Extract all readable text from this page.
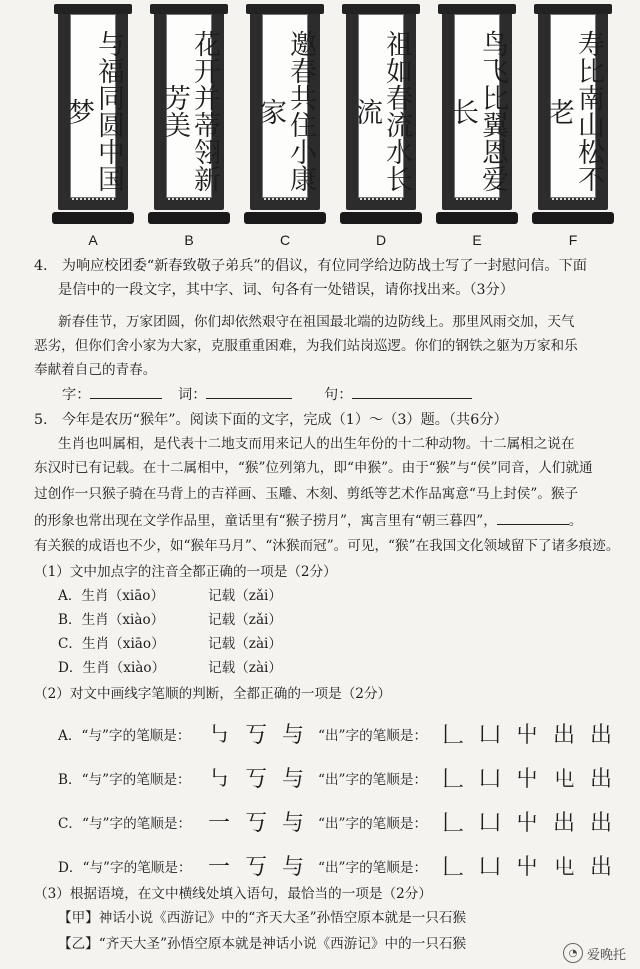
与福同圆中国梦
A
花开并蒂翎新芳美
B
邀春共住小康家
C
祖如春流水长流
D
鸟飞比翼恩爱长
E
寿比南山松不老
F
4.　为响应校团委“新春致敬子弟兵”的倡议，有位同学给边防战士写了一封慰问信。下面
是信中的一段文字，其中字、词、句各有一处错误，请你找出来。（3分）
新春佳节，万家团圆，你们却依然艰守在祖国最北端的边防线上。那里风雨交加，天气
恶劣，但你们舍小家为大家，克服重重困难，为我们站岗巡逻。你们的钢铁之躯为万家和乐
奉献着自己的青春。
字：	词：	句：
5.　今年是农历“猴年”。阅读下面的文字，完成（1）～（3）题。（共6分）
生肖也叫属相，是代表十二地支而用来记人的出生年份的十二种动物。十二属相之说在
东汉时已有记载。在十二属相中，“猴”位列第九，即“申猴”。由于“猴”与“侯”同音，人们就通
过创作一只猴子骑在马背上的吉祥画、玉雕、木刻、剪纸等艺术作品寓意“马上封侯”。猴子
的形象也常出现在文学作品里，童话里有“猴子捞月”，寓言里有“朝三暮四”，	。
有关猴的成语也不少，如“猴年马月”、“沐猴而冠”。可见，“猴”在我国文化领域留下了诸多痕迹。
（1）文中加点字的注音全都正确的一项是（2分）
A．生肖（xiāo）	记载（zǎi）
B．生肖（xiào）	记载（zǎi）
C．生肖（xiāo）	记载（zài）
D．生肖（xiào）	记载（zài）
（2）对文中画线字笔顺的判断，全都正确的一项是（2分）
A．“与”字的笔顺是： ㇉ 丂 与 “出”字的笔顺是： 𠃊 凵 屮 出 出
B．“与”字的笔顺是： ㇉ 丂 与 “出”字的笔顺是： 𠃊 凵 屮 𡳾 出
C．“与”字的笔顺是： 一 丂 与 “出”字的笔顺是： 𠃊 凵 屮 出 出
D．“与”字的笔顺是： 一 丂 与 “出”字的笔顺是： 𠃊 凵 屮 𡳾 出
（3）根据语境，在文中横线处填入语句，最恰当的一项是（2分）
【甲】神话小说《西游记》中的“齐天大圣”孙悟空原本就是一只石猴
【乙】“齐天大圣”孙悟空原本就是神话小说《西游记》中的一只石猴
◔ 爱晚托
